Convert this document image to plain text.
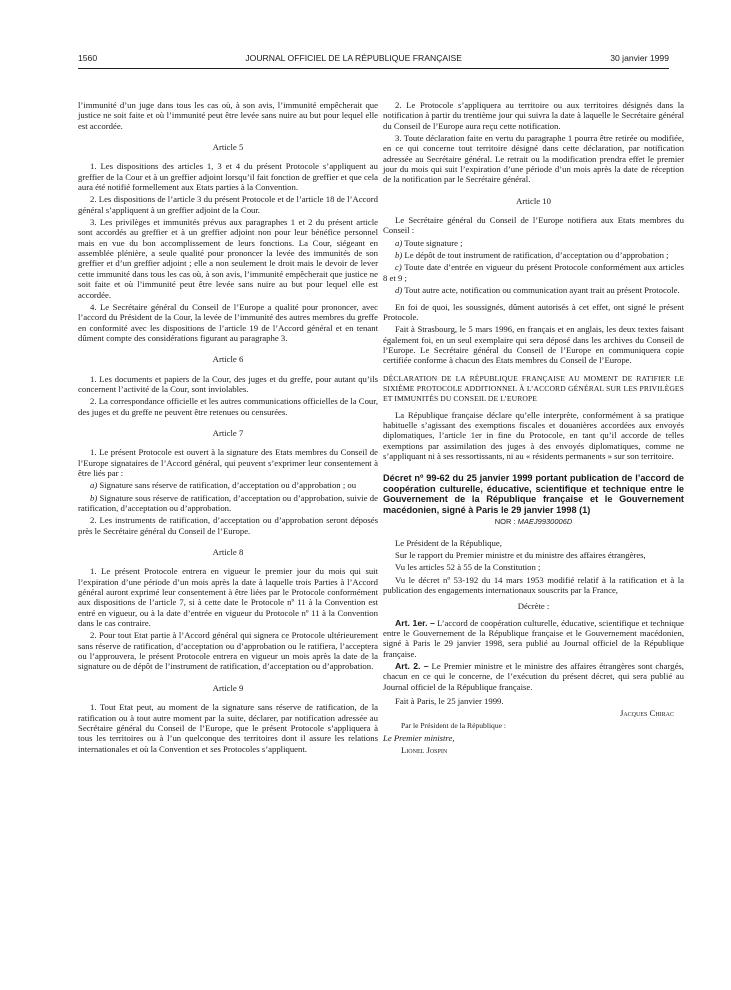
1560	JOURNAL OFFICIEL DE LA RÉPUBLIQUE FRANÇAISE	30 janvier 1999

l’immunité d’un juge dans tous les cas où, à son avis, l’immunité empêcherait que justice ne soit faite et où l’immunité peut être levée sans nuire au but pour lequel elle est accordée.

Article 5

1. Les dispositions des articles 1, 3 et 4 du présent Protocole s’appliquent au greffier de la Cour et à un greffier adjoint lorsqu’il fait fonction de greffier et que cela aura été notifié formellement aux Etats parties à la Convention.

2. Les dispositions de l’article 3 du présent Protocole et de l’article 18 de l’Accord général s’appliquent à un greffier adjoint de la Cour.

3. Les privilèges et immunités prévus aux paragraphes 1 et 2 du présent article sont accordés au greffier et à un greffier adjoint non pour leur bénéfice personnel mais en vue du bon accomplissement de leurs fonctions. La Cour, siégeant en assemblée plénière, a seule qualité pour prononcer la levée des immunités de son greffier et d’un greffier adjoint ; elle a non seulement le droit mais le devoir de lever cette immunité dans tous les cas où, à son avis, l’immunité empêcherait que justice ne soit faite et où l’immunité peut être levée sans nuire au but pour lequel elle est accordée.

4. Le Secrétaire général du Conseil de l’Europe a qualité pour prononcer, avec l’accord du Président de la Cour, la levée de l’immunité des autres membres du greffe en conformité avec les dispositions de l’article 19 de l’Accord général et en tenant dûment compte des considérations figurant au paragraphe 3.

Article 6

1. Les documents et papiers de la Cour, des juges et du greffe, pour autant qu’ils concernent l’activité de la Cour, sont inviolables.

2. La correspondance officielle et les autres communications officielles de la Cour, des juges et du greffe ne peuvent être retenues ou censurées.

Article 7

1. Le présent Protocole est ouvert à la signature des Etats membres du Conseil de l’Europe signataires de l’Accord général, qui peuvent s’exprimer leur consentement à être liés par :

a) Signature sans réserve de ratification, d’acceptation ou d’approbation ; ou

b) Signature sous réserve de ratification, d’acceptation ou d’approbation, suivie de ratification, d’acceptation ou d’approbation.

2. Les instruments de ratification, d’acceptation ou d’approbation seront déposés près le Secrétaire général du Conseil de l’Europe.

Article 8

1. Le présent Protocole entrera en vigueur le premier jour du mois qui suit l’expiration d’une période d’un mois après la date à laquelle trois Parties à l’Accord général auront exprimé leur consentement à être liées par le Protocole conformément aux dispositions de l’article 7, si à cette date le Protocole nº 11 à la Convention est entré en vigueur, ou à la date d’entrée en vigueur du Protocole nº 11 à la Convention dans le cas contraire.

2. Pour tout Etat partie à l’Accord général qui signera ce Protocole ultérieurement sans réserve de ratification, d’acceptation ou d’approbation ou le ratifiera, l’acceptera ou l’approuvera, le présent Protocole entrera en vigueur un mois après la date de la signature ou de dépôt de l’instrument de ratification, d’acceptation ou d’approbation.

Article 9

1. Tout Etat peut, au moment de la signature sans réserve de ratification, de la ratification ou à tout autre moment par la suite, déclarer, par notification adressée au Secrétaire général du Conseil de l’Europe, que le présent Protocole s’appliquera à tous les territoires ou à l’un quelconque des territoires dont il assure les relations internationales et où la Convention et ses Protocoles s’appliquent.

2. Le Protocole s’appliquera au territoire ou aux territoires désignés dans la notification à partir du trentième jour qui suivra la date à laquelle le Secrétaire général du Conseil de l’Europe aura reçu cette notification.

3. Toute déclaration faite en vertu du paragraphe 1 pourra être retirée ou modifiée, en ce qui concerne tout territoire désigné dans cette déclaration, par notification adressée au Secrétaire général. Le retrait ou la modification prendra effet le premier jour du mois qui suit l’expiration d’une période d’un mois après la date de réception de la notification par le Secrétaire général.

Article 10

Le Secrétaire général du Conseil de l’Europe notifiera aux Etats membres du Conseil :

a) Toute signature ;

b) Le dépôt de tout instrument de ratification, d’acceptation ou d’approbation ;

c) Toute date d’entrée en vigueur du présent Protocole conformément aux articles 8 et 9 ;

d) Tout autre acte, notification ou communication ayant trait au présent Protocole.

En foi de quoi, les soussignés, dûment autorisés à cet effet, ont signé le présent Protocole.

Fait à Strasbourg, le 5 mars 1996, en français et en anglais, les deux textes faisant également foi, en un seul exemplaire qui sera déposé dans les archives du Conseil de l’Europe. Le Secrétaire général du Conseil de l’Europe en communiquera copie certifiée conforme à chacun des Etats membres du Conseil de l’Europe.

DÉCLARATION DE LA RÉPUBLIQUE FRANÇAISE AU MOMENT DE RATIFIER LE SIXIÈME PROTOCOLE ADDITIONNEL À L’ACCORD GÉNÉRAL SUR LES PRIVILÈGES ET IMMUNITÉS DU CONSEIL DE L’EUROPE

La République française déclare qu’elle interprète, conformément à sa pratique habituelle s’agissant des exemptions fiscales et douanières accordées aux envoyés diplomatiques, l’article 1er in fine du Protocole, en tant qu’il accorde de telles exemptions par assimilation des juges à des envoyés diplomatiques, comme ne s’appliquant ni à ses ressortissants, ni au « résidents permanents » sur son territoire.

Décret nº 99-62 du 25 janvier 1999 portant publication de l’accord de coopération culturelle, éducative, scientifique et technique entre le Gouvernement de la République française et le Gouvernement macédonien, signé à Paris le 29 janvier 1998 (1)
NOR : MAEJ9930006D

Le Président de la République,

Sur le rapport du Premier ministre et du ministre des affaires étrangères,

Vu les articles 52 à 55 de la Constitution ;

Vu le décret nº 53-192 du 14 mars 1953 modifié relatif à la ratification et à la publication des engagements internationaux souscrits par la France,

Décrète :

Art. 1er. – L’accord de coopération culturelle, éducative, scientifique et technique entre le Gouvernement de la République française et le Gouvernement macédonien, signé à Paris le 29 janvier 1998, sera publié au Journal officiel de la République française.

Art. 2. – Le Premier ministre et le ministre des affaires étrangères sont chargés, chacun en ce qui le concerne, de l’exécution du présent décret, qui sera publié au Journal officiel de la République française.

Fait à Paris, le 25 janvier 1999.

Jacques Chirac

Par le Président de la République :

Le Premier ministre,

Lionel Jospin
